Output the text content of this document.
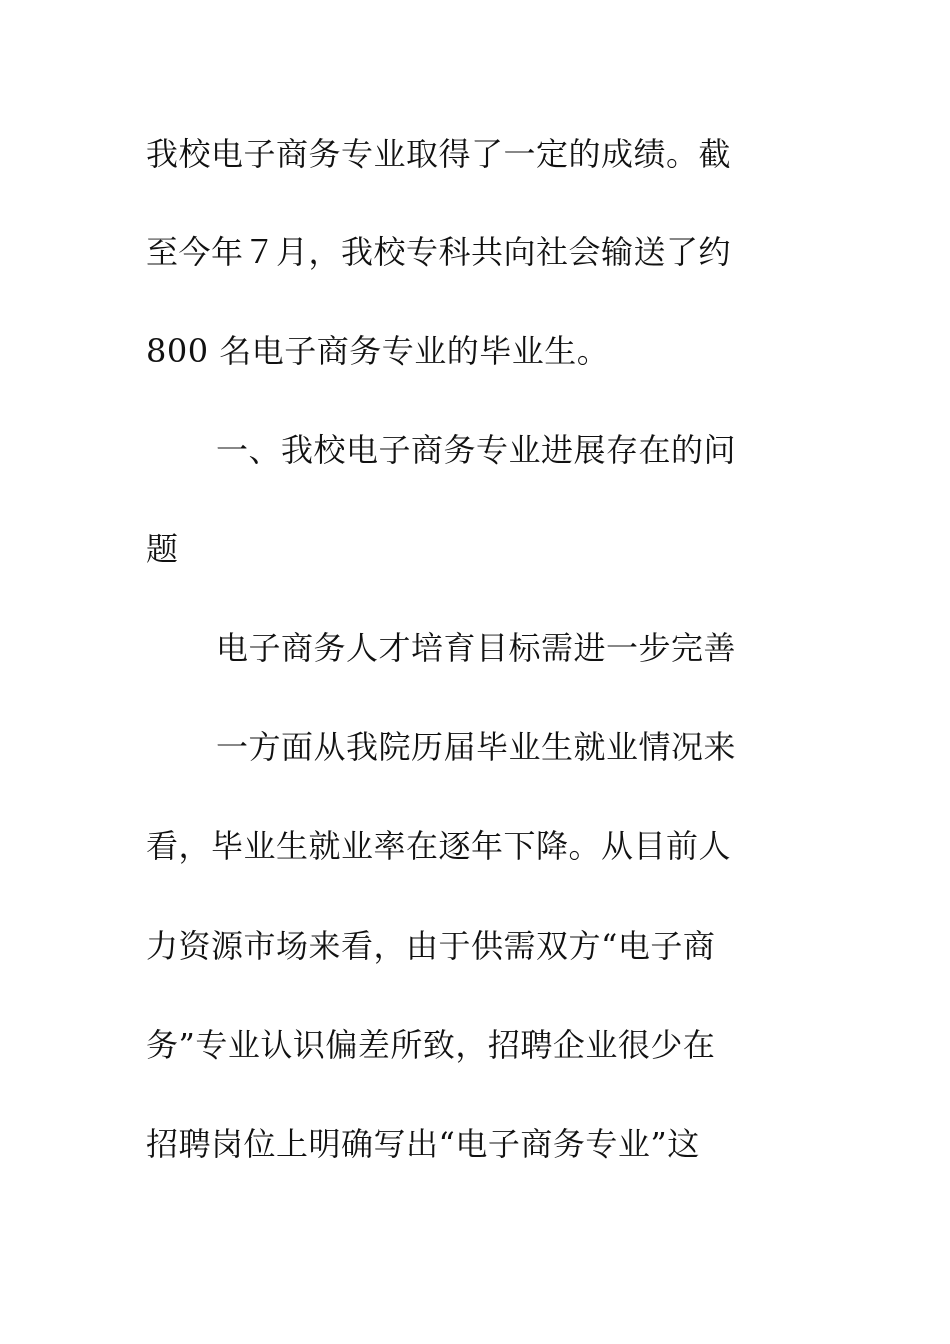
我校电子商务专业取得了一定的成绩。截
至今年７月，我校专科共向社会输送了约
800 名电子商务专业的毕业生。
一、我校电子商务专业进展存在的问
题
电子商务人才培育目标需进一步完善
一方面从我院历届毕业生就业情况来
看，毕业生就业率在逐年下降。从目前人
力资源市场来看，由于供需双方“电子商
务”专业认识偏差所致，招聘企业很少在
招聘岗位上明确写出“电子商务专业”这
